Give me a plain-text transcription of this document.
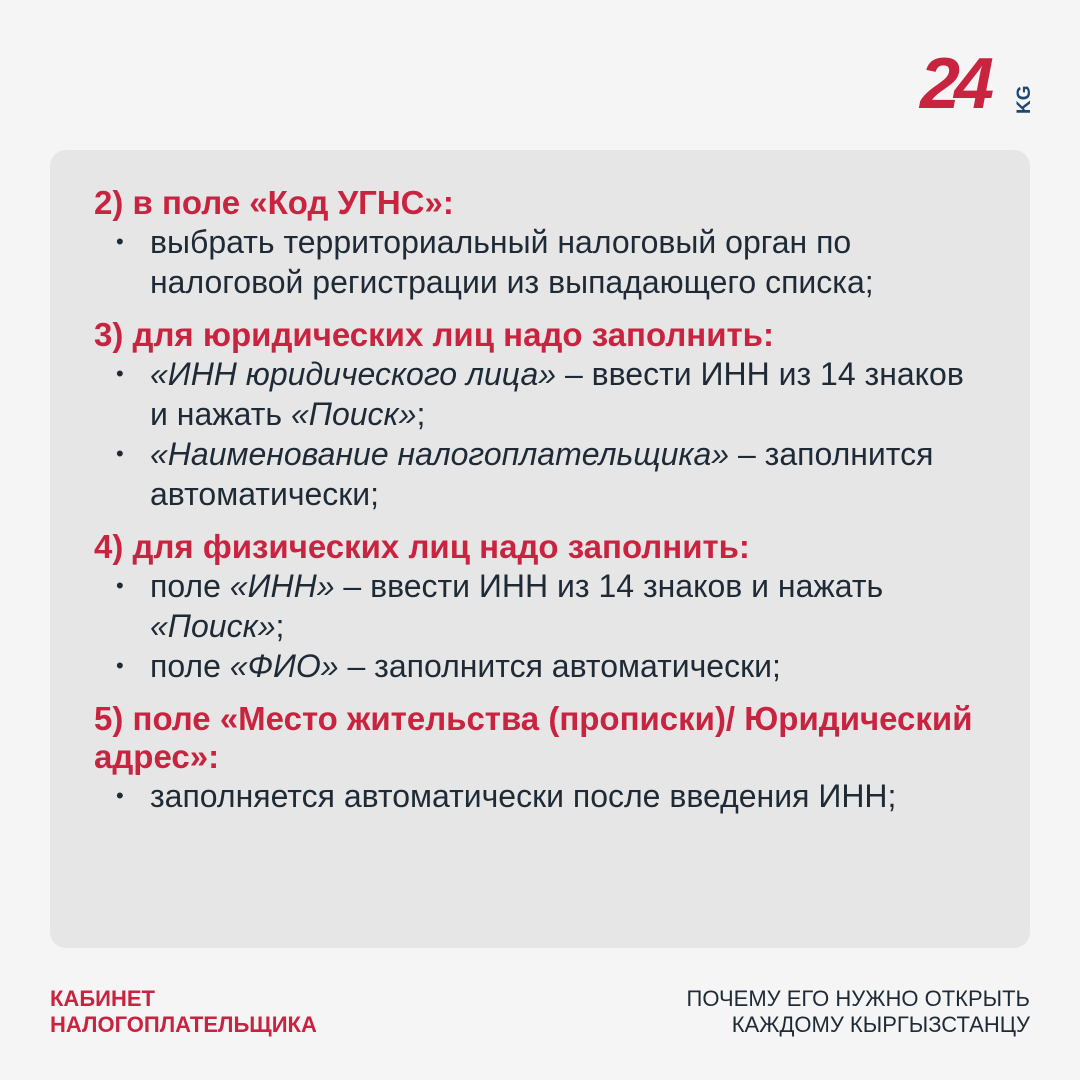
24 KG
2) в поле «Код УГНС»:
• выбрать территориальный налоговый орган по налоговой регистрации из выпадающего списка;
3) для юридических лиц надо заполнить:
• «ИНН юридического лица» – ввести ИНН из 14 знаков и нажать «Поиск»;
• «Наименование налогоплательщика» – заполнится автоматически;
4) для физических лиц надо заполнить:
• поле «ИНН» – ввести ИНН из 14 знаков и нажать «Поиск»;
• поле «ФИО» – заполнится автоматически;
5) поле «Место жительства (прописки)/ Юридический адрес»:
• заполняется автоматически после введения ИНН;
КАБИНЕТ
НАЛОГОПЛАТЕЛЬЩИКА
ПОЧЕМУ ЕГО НУЖНО ОТКРЫТЬ
КАЖДОМУ КЫРГЫЗСТАНЦУ
